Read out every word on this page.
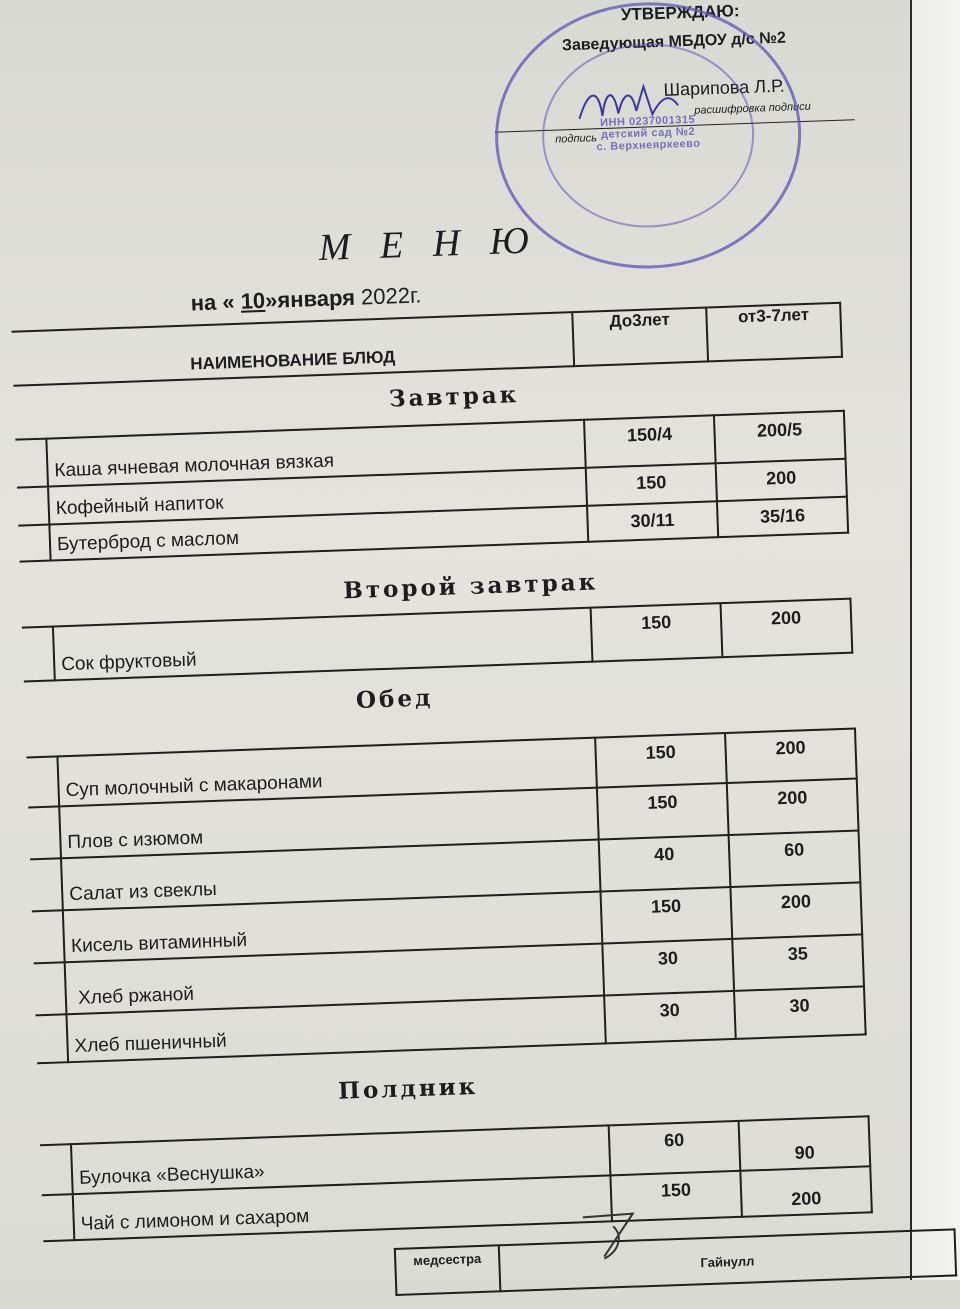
УТВЕРЖДАЮ:
Заведующая МБДОУ д/с №2
Шарипова Л.Р.
подпись
расшифровка подписи
ИНН 0237001315
детский сад №2
с. Верхнеяркеево
М Е Н Ю
на « 10»января 2022г.
НАИМЕНОВАНИЕ БЛЮД	До3лет	от3-7лет
Завтрак
	Каша ячневая молочная вязкая	150/4	200/5
	Кофейный напиток	150	200
	Бутерброд с маслом	30/11	35/16
Второй завтрак
	Сок фруктовый	150	200
Обед
	Суп молочный с макаронами	150	200
	Плов с изюмом	150	200
	Салат из свеклы	40	60
	Кисель витаминный	150	200
	Хлеб ржаной	30	35
	Хлеб пшеничный	30	30
Полдник
	Булочка «Веснушка»	60	90
	Чай с лимоном и сахаром	150	200
медсестра	Гайнулл
